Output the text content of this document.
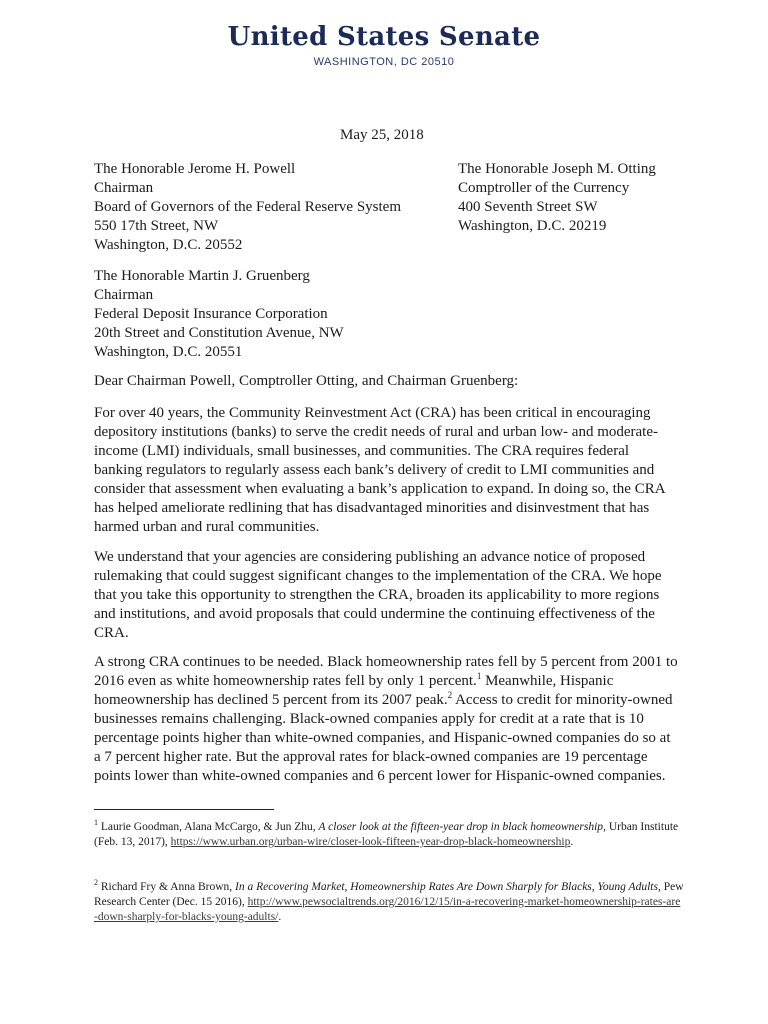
United States Senate
WASHINGTON, DC 20510
May 25, 2018
The Honorable Jerome H. Powell
Chairman
Board of Governors of the Federal Reserve System
550 17th Street, NW
Washington, D.C. 20552
The Honorable Joseph M. Otting
Comptroller of the Currency
400 Seventh Street SW
Washington, D.C. 20219
The Honorable Martin J. Gruenberg
Chairman
Federal Deposit Insurance Corporation
20th Street and Constitution Avenue, NW
Washington, D.C. 20551
Dear Chairman Powell, Comptroller Otting, and Chairman Gruenberg:

For over 40 years, the Community Reinvestment Act (CRA) has been critical in encouraging depository institutions (banks) to serve the credit needs of rural and urban low- and moderate-income (LMI) individuals, small businesses, and communities. The CRA requires federal banking regulators to regularly assess each bank’s delivery of credit to LMI communities and consider that assessment when evaluating a bank’s application to expand. In doing so, the CRA has helped ameliorate redlining that has disadvantaged minorities and disinvestment that has harmed urban and rural communities.

We understand that your agencies are considering publishing an advance notice of proposed rulemaking that could suggest significant changes to the implementation of the CRA. We hope that you take this opportunity to strengthen the CRA, broaden its applicability to more regions and institutions, and avoid proposals that could undermine the continuing effectiveness of the CRA.

A strong CRA continues to be needed. Black homeownership rates fell by 5 percent from 2001 to 2016 even as white homeownership rates fell by only 1 percent.$^1$ Meanwhile, Hispanic homeownership has declined 5 percent from its 2007 peak.$^2$ Access to credit for minority-owned businesses remains challenging. Black-owned companies apply for credit at a rate that is 10 percentage points higher than white-owned companies, and Hispanic-owned companies do so at a 7 percent higher rate. But the approval rates for black-owned companies are 19 percentage points lower than white-owned companies and 6 percent lower for Hispanic-owned companies.

$^1$ Laurie Goodman, Alana McCargo, & Jun Zhu, A closer look at the fifteen-year drop in black homeownership, Urban Institute (Feb. 13, 2017), https://www.urban.org/urban-wire/closer-look-fifteen-year-drop-black-homeownership.

$^2$ Richard Fry & Anna Brown, In a Recovering Market, Homeownership Rates Are Down Sharply for Blacks, Young Adults, Pew Research Center (Dec. 15 2016), http://www.pewsocialtrends.org/2016/12/15/in-a-recovering-market-homeownership-rates-are-down-sharply-for-blacks-young-adults/.
